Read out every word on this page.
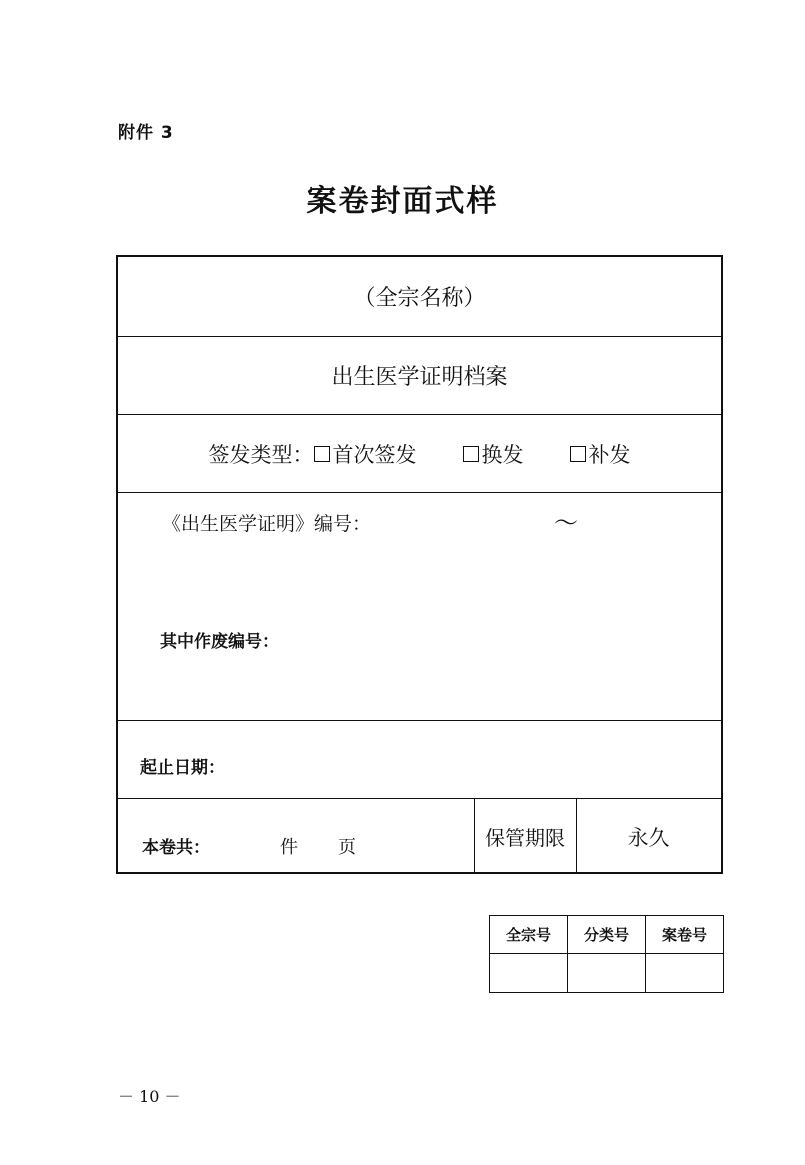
附件 3
案卷封面式样
（全宗名称）
出生医学证明档案
签发类型： 首次签发	换发	补发
《出生医学证明》编号：	～
其中作废编号：
起止日期：
本卷共：	件 页	保管期限	永久
全宗号	分类号	案卷号
－ 10 －
